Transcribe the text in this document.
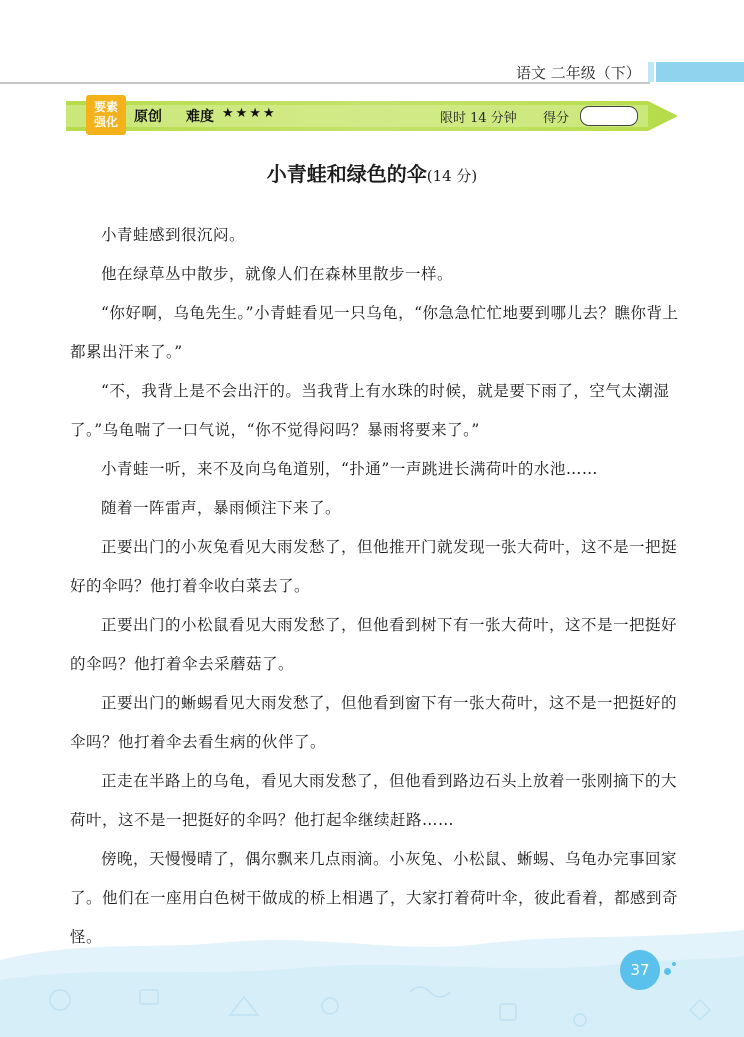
语文 二年级（下）
要素
强化	原创 难度 ★★★★	限时 14 分钟 得分
小青蛙和绿色的伞(14 分)

小青蛙感到很沉闷。

他在绿草丛中散步，就像人们在森林里散步一样。

“你好啊，乌龟先生。”小青蛙看见一只乌龟，“你急急忙忙地要到哪儿去？瞧你背上都累出汗来了。”

“不，我背上是不会出汗的。当我背上有水珠的时候，就是要下雨了，空气太潮湿了。”乌龟喘了一口气说，“你不觉得闷吗？暴雨将要来了。”

小青蛙一听，来不及向乌龟道别，“扑通”一声跳进长满荷叶的水池……

随着一阵雷声，暴雨倾注下来了。

正要出门的小灰兔看见大雨发愁了，但他推开门就发现一张大荷叶，这不是一把挺好的伞吗？他打着伞收白菜去了。

正要出门的小松鼠看见大雨发愁了，但他看到树下有一张大荷叶，这不是一把挺好的伞吗？他打着伞去采蘑菇了。

正要出门的蜥蜴看见大雨发愁了，但他看到窗下有一张大荷叶，这不是一把挺好的伞吗？他打着伞去看生病的伙伴了。

正走在半路上的乌龟，看见大雨发愁了，但他看到路边石头上放着一张刚摘下的大荷叶，这不是一把挺好的伞吗？他打起伞继续赶路……

傍晚，天慢慢晴了，偶尔飘来几点雨滴。小灰兔、小松鼠、蜥蜴、乌龟办完事回家了。他们在一座用白色树干做成的桥上相遇了，大家打着荷叶伞，彼此看着，都感到奇怪。

37
